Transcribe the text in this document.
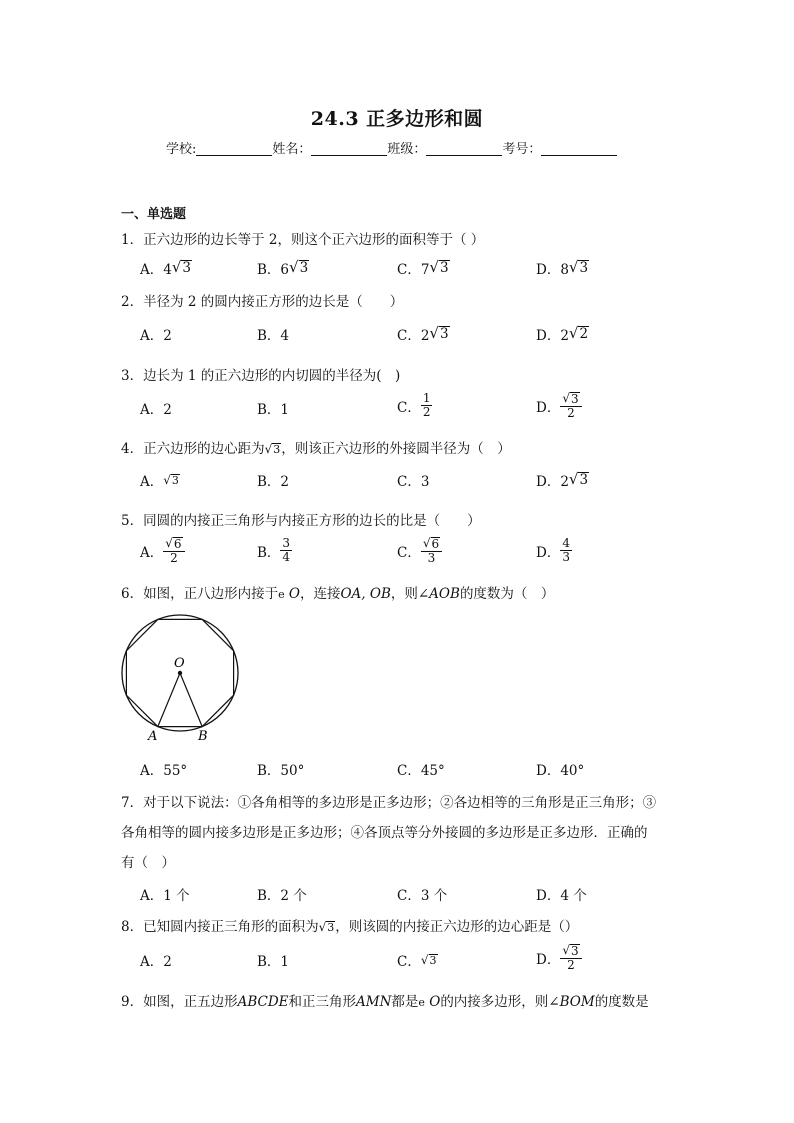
24.3 正多边形和圆
学校:	姓名：	班级：	考号：
一、单选题
1．正六边形的边长等于 2，则这个正六边形的面积等于（ ）
A．4 √ 3	B．6 √ 3	C．7 √ 3	D．8 √ 3
2．半径为 2 的圆内接正方形的边长是（　　）
A．2	B．4	C．2 √ 3	D．2 √ 2
3．边长为 1 的正六边形的内切圆的半径为(　)
A．2	B．1	C． $\frac{1}{2}$	D． $\frac{√ 3}{2}$
4．正六边形的边心距为 √ 3 ，则该正六边形的外接圆半径为（　）
A． √ 3	B．2	C．3	D．2 √ 3
5．同圆的内接正三角形与内接正方形的边长的比是（　　）
A． $\frac{√ 6}{2}$	B． $\frac{3}{4}$	C． $\frac{√ 6}{3}$	D． $\frac{4}{3}$
6．如图，正八边形内接于e O，连接OA, OB，则∠AOB的度数为（　）
O
A	B
A．55°	B．50°	C．45°	D．40°
7．对于以下说法：①各角相等的多边形是正多边形；②各边相等的三角形是正三角形；③
各角相等的圆内接多边形是正多边形；④各顶点等分外接圆的多边形是正多边形．正确的
有（　）
A．1 个	B．2 个	C．3 个	D．4 个
8．已知圆内接正三角形的面积为 √ 3 ，则该圆的内接正六边形的边心距是（）
A．2	B．1	C． √ 3	D． $\frac{√ 3}{2}$
9．如图，正五边形ABCDE和正三角形AMN都是e O的内接多边形，则∠BOM的度数是
